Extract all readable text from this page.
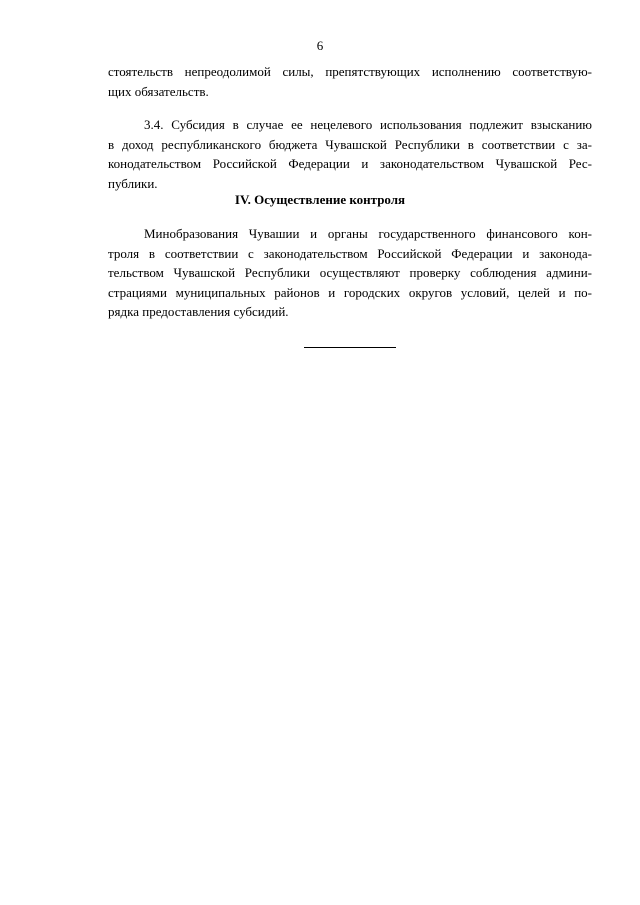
6
стоятельств непреодолимой силы, препятствующих исполнению соответствую-
щих обязательств.
3.4. Субсидия в случае ее нецелевого использования подлежит взысканию
в доход республиканского бюджета Чувашской Республики в соответствии с за-
конодательством Российской Федерации и законодательством Чувашской Рес-
публики.
IV. Осуществление контроля
Минобразования Чувашии и органы государственного финансового кон-
троля в соответствии с законодательством Российской Федерации и законода-
тельством Чувашской Республики осуществляют проверку соблюдения админи-
страциями муниципальных районов и городских округов условий, целей и по-
рядка предоставления субсидий.
